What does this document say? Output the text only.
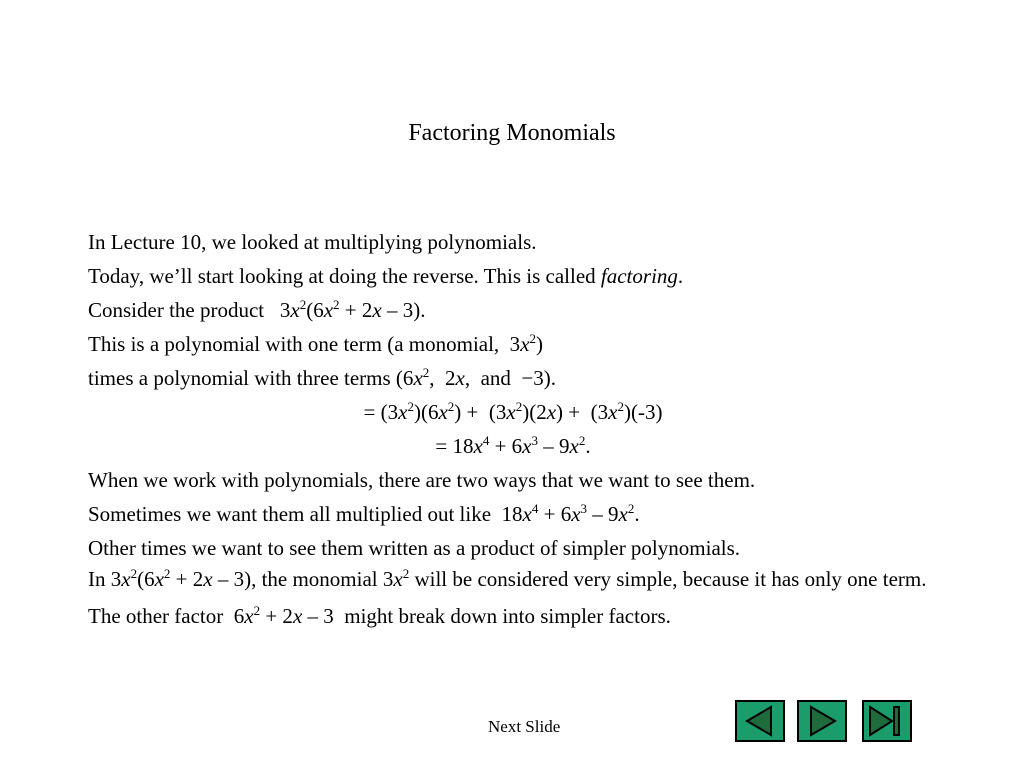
Factoring Monomials
In Lecture 10, we looked at multiplying polynomials.
Today, we’ll start looking at doing the reverse. This is called factoring.
Consider the product   $3x^2(6x^2 + 2x - 3)$.
This is a polynomial with one term (a monomial,  $3x^2$)
times a polynomial with three terms ($6x^2$,  2x,  and  −3).
= $(3x^2)(6x^2) + (3x^2)(2x) + (3x^2)(-3)$
= $18x^4 + 6x^3 - 9x^2$.
When we work with polynomials, there are two ways that we want to see them.
Sometimes we want them all multiplied out like  $18x^4 + 6x^3 - 9x^2$.
Other times we want to see them written as a product of simpler polynomials.
In $3x^2(6x^2 + 2x - 3)$, the monomial $3x^2$ will be considered very simple, because it has only one term.
The other factor  $6x^2 + 2x - 3$  might break down into simpler factors.
Next Slide
